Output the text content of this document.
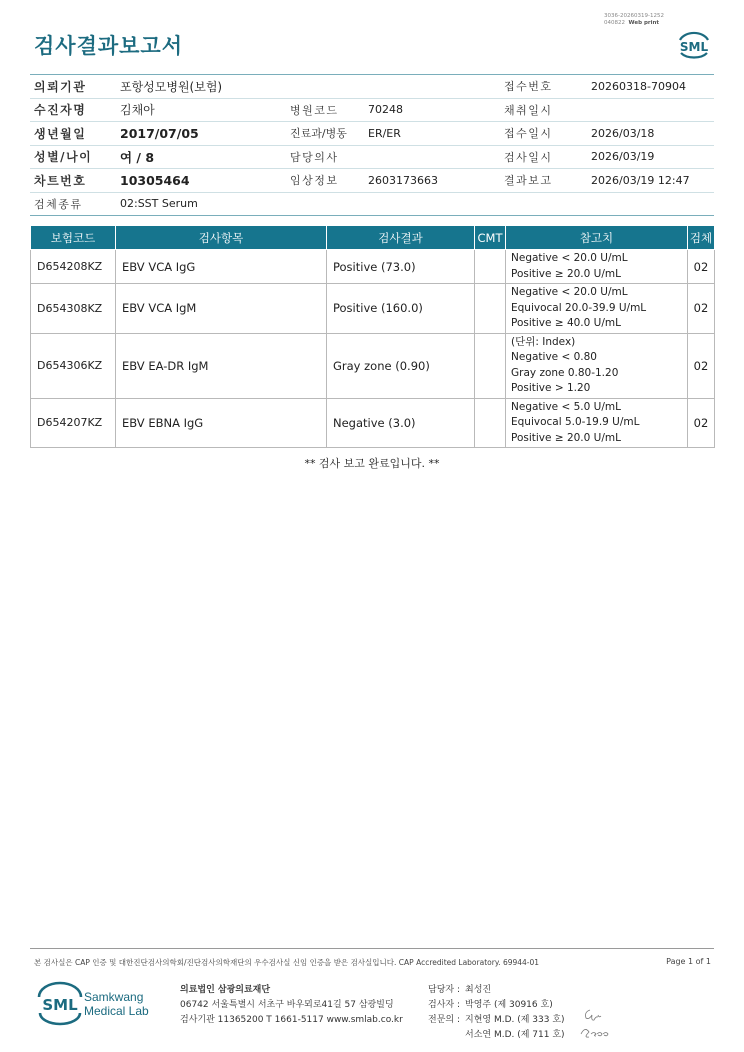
검사결과보고서
3036-20260319-1252
040822 Web print
SML
의뢰기관	포항성모병원(보험)			접수번호	20260318-70904
수진자명	김채아	병원코드	70248	채취일시	
생년월일	2017/07/05	진료과/병동	ER/ER	접수일시	2026/03/18
성별/나이	여 / 8	담당의사		검사일시	2026/03/19
차트번호	10305464	임상정보	2603173663	결과보고	2026/03/19 12:47
검체종류	02:SST Serum				
보험코드	검사항목	검사결과	CMT	참고치	검체
D654208KZ	EBV VCA IgG	Positive (73.0)		Negative < 20.0 U/mL
Positive ≥ 20.0 U/mL	02
D654308KZ	EBV VCA IgM	Positive (160.0)		Negative < 20.0 U/mL
Equivocal 20.0-39.9 U/mL
Positive ≥ 40.0 U/mL	02
D654306KZ	EBV EA-DR IgM	Gray zone (0.90)		(단위: Index)
Negative < 0.80
Gray zone 0.80-1.20
Positive > 1.20	02
D654207KZ	EBV EBNA IgG	Negative (3.0)		Negative < 5.0 U/mL
Equivocal 5.0-19.9 U/mL
Positive ≥ 20.0 U/mL	02
** 검사 보고 완료입니다. **
본 검사실은 CAP 인증 및 대한진단검사의학회/진단검사의학재단의 우수검사실 신임 인증을 받은 검사실입니다. CAP Accredited Laboratory. 69944-01	Page 1 of 1
SML Samkwang
Medical Lab
의료법인 삼광의료재단
06742 서울특별시 서초구 바우뫼로41길 57 삼광빌딩
검사기관 11365200 T 1661-5117 www.smlab.co.kr
담당자 : 최성진
검사자 : 박영주 (제 30916 호)
전문의 : 지현영 M.D. (제 333 호)
서소연 M.D. (제 711 호)
